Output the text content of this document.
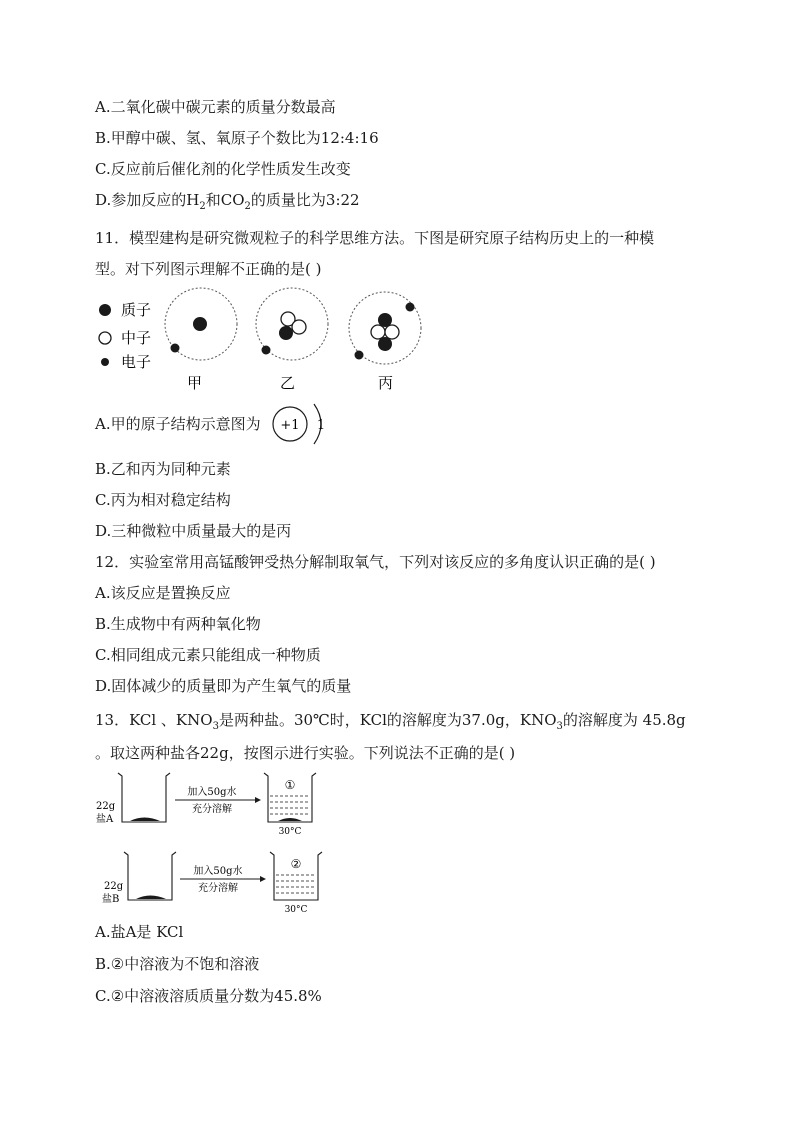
A.二氧化碳中碳元素的质量分数最高
B.甲醇中碳、氢、氧原子个数比为12:4:16
C.反应前后催化剂的化学性质发生改变
D.参加反应的$H_2$和$CO_2$的质量比为3:22
11．模型建构是研究微观粒子的科学思维方法。下图是研究原子结构历史上的一种模
型。对下列图示理解不正确的是( )
质子
中子
电子
甲	乙	丙
A.甲的原子结构示意图为 +1 1
B.乙和丙为同种元素
C.丙为相对稳定结构
D.三种微粒中质量最大的是丙
12．实验室常用高锰酸钾受热分解制取氧气，下列对该反应的多角度认识正确的是( )
A.该反应是置换反应
B.生成物中有两种氧化物
C.相同组成元素只能组成一种物质
D.固体减少的质量即为产生氧气的质量
13．KCl 、$KNO_3$是两种盐。30℃时，KCl的溶解度为37.0g，$KNO_3$的溶解度为 45.8g
。取这两种盐各22g，按图示进行实验。下列说法不正确的是( )
22g
盐A
加入50g水
充分溶解
①
30°C
22g
盐B
加入50g水
充分溶解
②
30°C
A.盐A是 KCl
B.②中溶液为不饱和溶液
C.②中溶液溶质质量分数为45.8%
